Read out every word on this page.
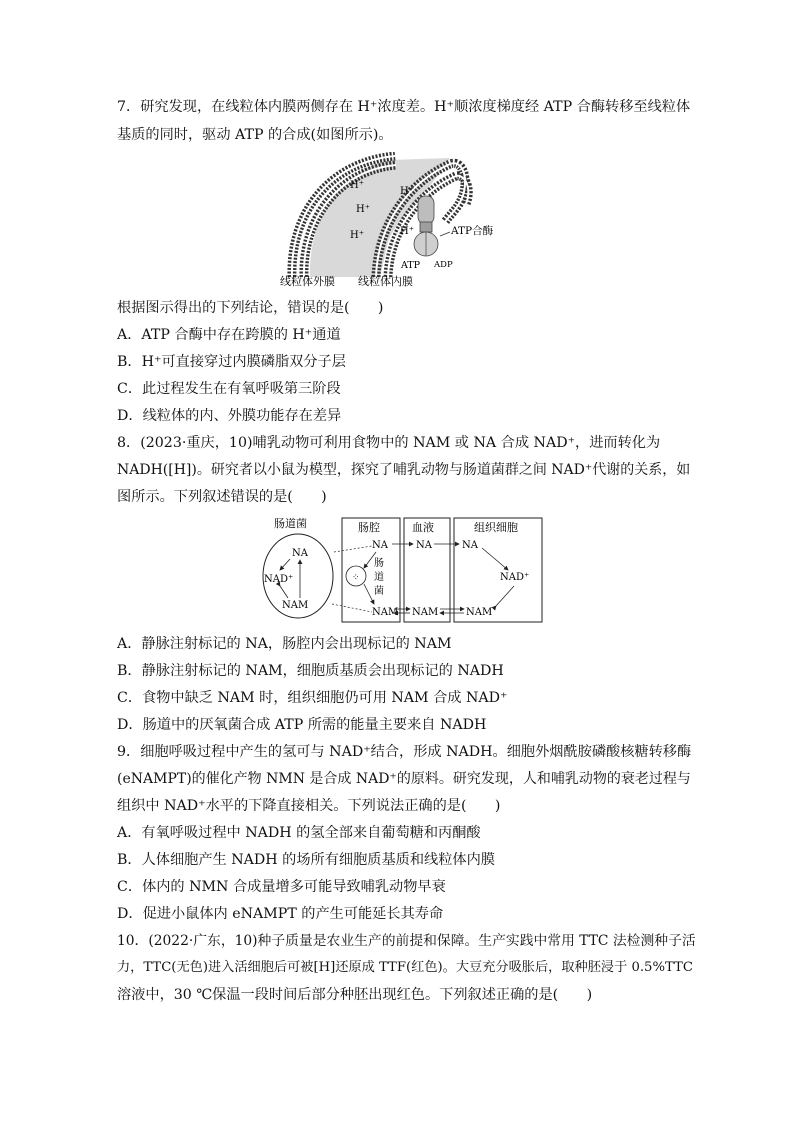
7．研究发现，在线粒体内膜两侧存在 H⁺浓度差。H⁺顺浓度梯度经 ATP 合酶转移至线粒体
基质的同时，驱动 ATP 的合成(如图所示)。
H⁺
H⁺
H⁺
H⁺	H⁺	ATP合酶
ATP ADP
线粒体外膜 线粒体内膜
根据图示得出的下列结论，错误的是(　　)
A．ATP 合酶中存在跨膜的 H⁺通道
B．H⁺可直接穿过内膜磷脂双分子层
C．此过程发生在有氧呼吸第三阶段
D．线粒体的内、外膜功能存在差异
8．(2023·重庆，10)哺乳动物可利用食物中的 NAM 或 NA 合成 NAD⁺，进而转化为
NADH([H])。研究者以小鼠为模型，探究了哺乳动物与肠道菌群之间 NAD⁺代谢的关系，如
图所示。下列叙述错误的是(　　)
肠道菌
NA
NAD⁺
NAM
肠腔
NA
NAM
⁘
肠
道
菌
血液
NA
NAM
组织细胞
NA
NAD⁺
NAM
A．静脉注射标记的 NA，肠腔内会出现标记的 NAM
B．静脉注射标记的 NAM，细胞质基质会出现标记的 NADH
C．食物中缺乏 NAM 时，组织细胞仍可用 NAM 合成 NAD⁺
D．肠道中的厌氧菌合成 ATP 所需的能量主要来自 NADH
9．细胞呼吸过程中产生的氢可与 NAD⁺结合，形成 NADH。细胞外烟酰胺磷酸核糖转移酶
(eNAMPT)的催化产物 NMN 是合成 NAD⁺的原料。研究发现，人和哺乳动物的衰老过程与
组织中 NAD⁺水平的下降直接相关。下列说法正确的是(　　)
A．有氧呼吸过程中 NADH 的氢全部来自葡萄糖和丙酮酸
B．人体细胞产生 NADH 的场所有细胞质基质和线粒体内膜
C．体内的 NMN 合成量增多可能导致哺乳动物早衰
D．促进小鼠体内 eNAMPT 的产生可能延长其寿命
10．(2022·广东，10)种子质量是农业生产的前提和保障。生产实践中常用 TTC 法检测种子活
力，TTC(无色)进入活细胞后可被[H]还原成 TTF(红色)。大豆充分吸胀后，取种胚浸于 0.5%TTC
溶液中，30 ℃保温一段时间后部分种胚出现红色。下列叙述正确的是(　　)
